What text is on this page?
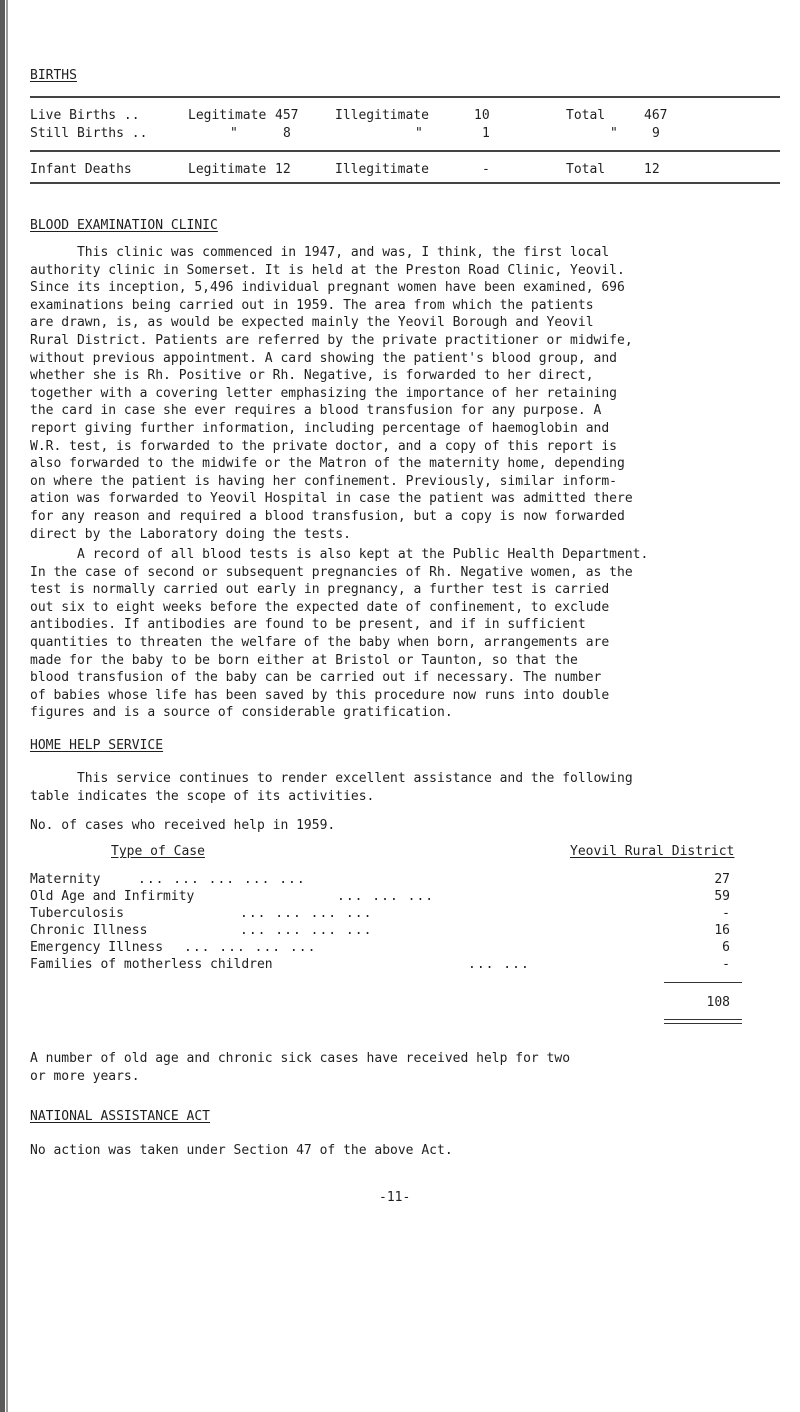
BIRTHS
Live Births ..	Legitimate 457	Illegitimate	10	Total	467
Still Births ..	"	8	"	1	"	9
Infant Deaths	Legitimate 12	Illegitimate	-	Total	12
BLOOD EXAMINATION CLINIC
This clinic was commenced in 1947, and was, I think, the first local
authority clinic in Somerset. It is held at the Preston Road Clinic, Yeovil.
Since its inception, 5,496 individual pregnant women have been examined, 696
examinations being carried out in 1959. The area from which the patients
are drawn, is, as would be expected mainly the Yeovil Borough and Yeovil
Rural District. Patients are referred by the private practitioner or midwife,
without previous appointment. A card showing the patient's blood group, and
whether she is Rh. Positive or Rh. Negative, is forwarded to her direct,
together with a covering letter emphasizing the importance of her retaining
the card in case she ever requires a blood transfusion for any purpose. A
report giving further information, including percentage of haemoglobin and
W.R. test, is forwarded to the private doctor, and a copy of this report is
also forwarded to the midwife or the Matron of the maternity home, depending
on where the patient is having her confinement. Previously, similar inform-
ation was forwarded to Yeovil Hospital in case the patient was admitted there
for any reason and required a blood transfusion, but a copy is now forwarded
direct by the Laboratory doing the tests.
A record of all blood tests is also kept at the Public Health Department.
In the case of second or subsequent pregnancies of Rh. Negative women, as the
test is normally carried out early in pregnancy, a further test is carried
out six to eight weeks before the expected date of confinement, to exclude
antibodies. If antibodies are found to be present, and if in sufficient
quantities to threaten the welfare of the baby when born, arrangements are
made for the baby to be born either at Bristol or Taunton, so that the
blood transfusion of the baby can be carried out if necessary. The number
of babies whose life has been saved by this procedure now runs into double
figures and is a source of considerable gratification.
HOME HELP SERVICE
This service continues to render excellent assistance and the following
table indicates the scope of its activities.
No. of cases who received help in 1959.
Type of Case	Yeovil Rural District
Maternity	... ... ... ... ...	27
Old Age and Infirmity	... ... ...	59
Tuberculosis	... ... ... ...	-
Chronic Illness	... ... ... ...	16
Emergency Illness ... ... ... ...	6
Families of motherless children	... ...	-
108
A number of old age and chronic sick cases have received help for two
or more years.
NATIONAL ASSISTANCE ACT
No action was taken under Section 47 of the above Act.
-11-
